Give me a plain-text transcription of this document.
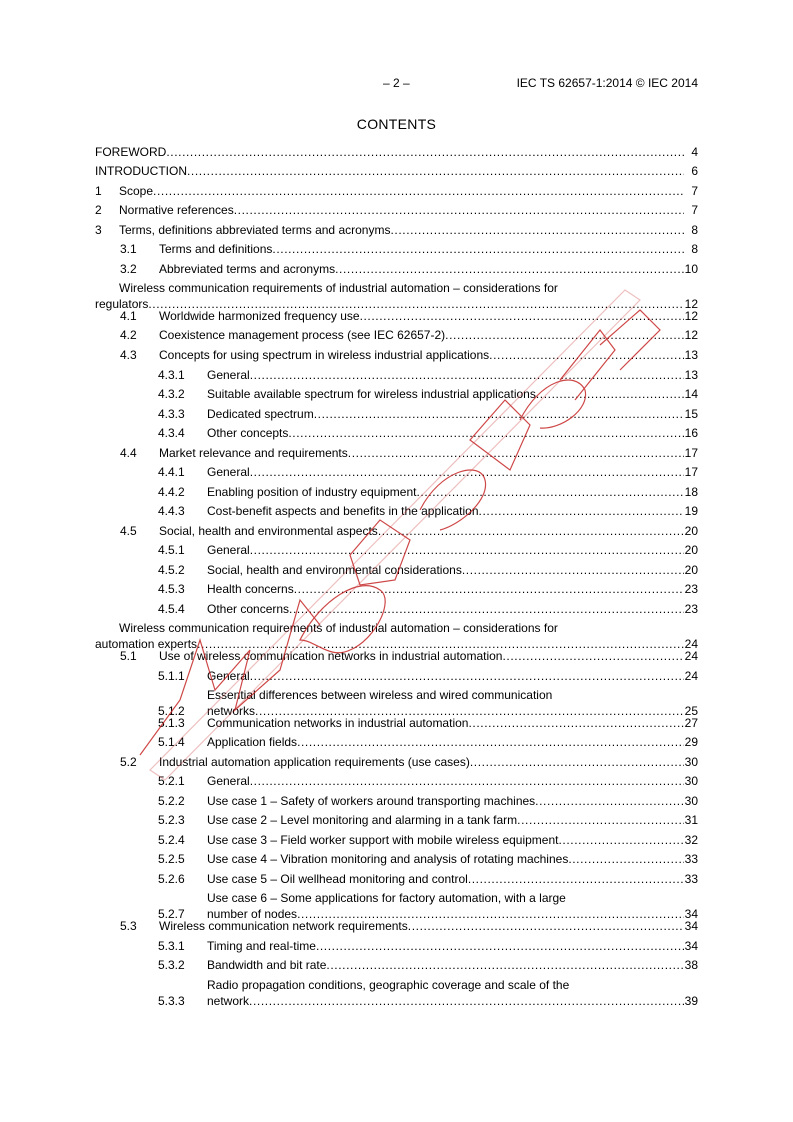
– 2 –	IEC TS 62657-1:2014 © IEC 2014
CONTENTS
FOREWORD .....	4
INTRODUCTION .....	6
1	Scope .....	7
2	Normative references .....	7
3	Terms, definitions abbreviated terms and acronyms .....	8
3.1	Terms and definitions .....	8
3.2	Abbreviated terms and acronyms .....	10
Wireless communication requirements of industrial automation – considerations for
regulators .....	12
4.1	Worldwide harmonized frequency use .....	12
4.2	Coexistence management process (see IEC 62657-2) .....	12
4.3	Concepts for using spectrum in wireless industrial applications .....	13
4.3.1	General .....	13
4.3.2	Suitable available spectrum for wireless industrial applications .....	14
4.3.3	Dedicated spectrum .....	15
4.3.4	Other concepts .....	16
4.4	Market relevance and requirements .....	17
4.4.1	General .....	17
4.4.2	Enabling position of industry equipment .....	18
4.4.3	Cost-benefit aspects and benefits in the application .....	19
4.5	Social, health and environmental aspects .....	20
4.5.1	General .....	20
4.5.2	Social, health and environmental considerations .....	20
4.5.3	Health concerns .....	23
4.5.4	Other concerns .....	23
Wireless communication requirements of industrial automation – considerations for
automation experts .....	24
5.1	Use of wireless communication networks in industrial automation .....	24
5.1.1	General .....	24
Essential differences between wireless and wired communication
5.1.2	networks .....	25
5.1.3	Communication networks in industrial automation .....	27
5.1.4	Application fields .....	29
5.2	Industrial automation application requirements (use cases) .....	30
5.2.1	General .....	30
5.2.2	Use case 1 – Safety of workers around transporting machines .....	30
5.2.3	Use case 2 – Level monitoring and alarming in a tank farm .....	31
5.2.4	Use case 3 – Field worker support with mobile wireless equipment .....	32
5.2.5	Use case 4 – Vibration monitoring and analysis of rotating machines .....	33
5.2.6	Use case 5 – Oil wellhead monitoring and control .....	33
Use case 6 – Some applications for factory automation, with a large
5.2.7	number of nodes .....	34
5.3	Wireless communication network requirements .....	34
5.3.1	Timing and real-time .....	34
5.3.2	Bandwidth and bit rate .....	38
Radio propagation conditions, geographic coverage and scale of the
5.3.3	network .....	39
